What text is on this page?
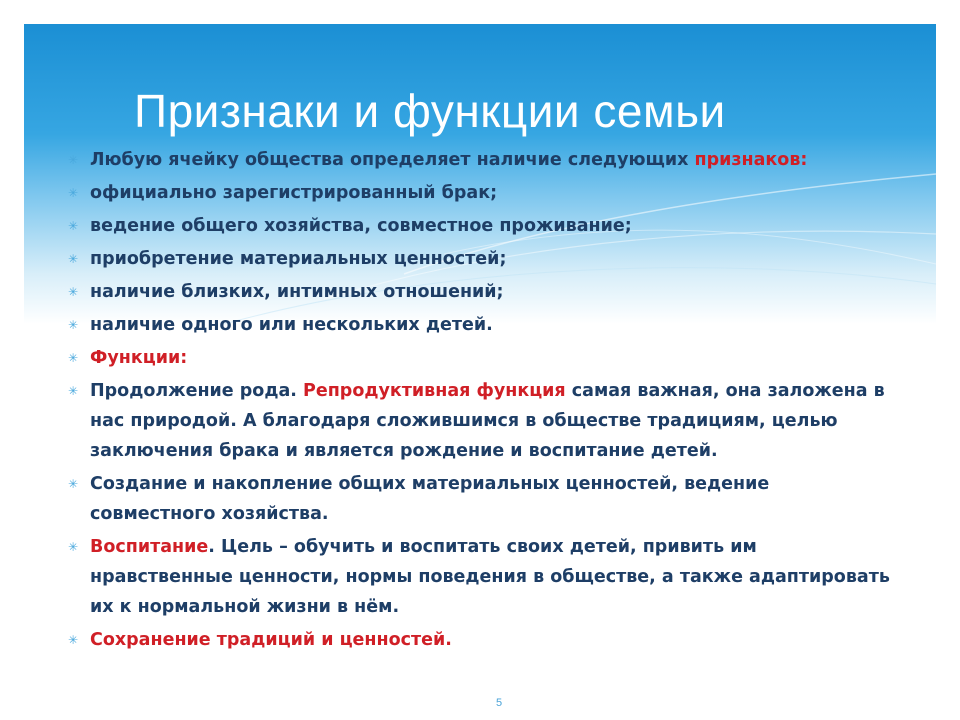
Признаки и функции семьи
✳ Любую ячейку общества определяет наличие следующих признаков:
✳ официально зарегистрированный брак;
✳ ведение общего хозяйства, совместное проживание;
✳ приобретение материальных ценностей;
✳ наличие близких, интимных отношений;
✳ наличие одного или нескольких детей.
✳ Функции:
✳ Продолжение рода. Репродуктивная функция самая важная, она заложена в нас природой. А благодаря сложившимся в обществе традициям, целью заключения брака и является рождение и воспитание детей.
✳ Создание и накопление общих материальных ценностей, ведение совместного хозяйства.
✳ Воспитание. Цель – обучить и воспитать своих детей, привить им нравственные ценности, нормы поведения в обществе, а также адаптировать их к нормальной жизни в нём.
✳ Сохранение традиций и ценностей.
5
